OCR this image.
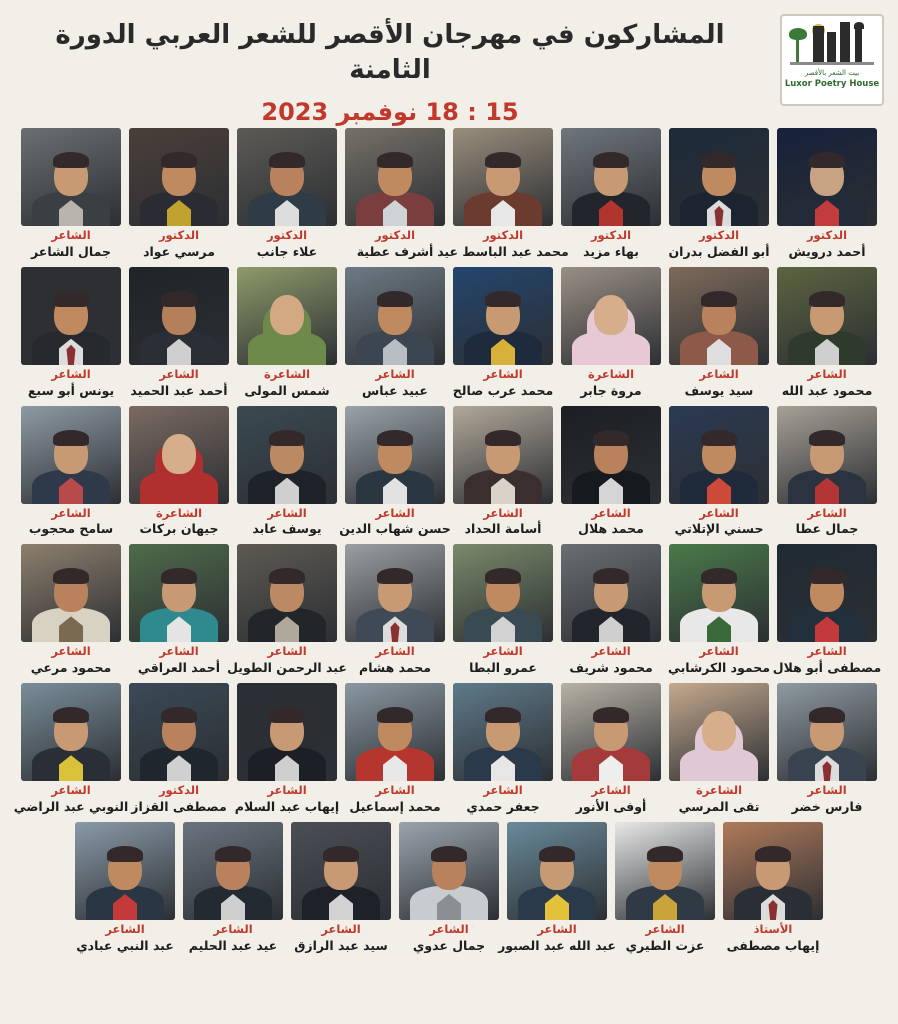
بيت الشعر بالأقصر
Luxor Poetry House
المشاركون في مهرجان الأقصر للشعر العربي الدورة الثامنة
15 : 18 نوفمبر 2023
الشاعر
جمال الشاعر
الدكتور
مرسي عواد
الدكتور
علاء جانب
الدكتور
أشرف عطية
الدكتور
محمد عبد الباسط عيد
الدكتور
بهاء مزيد
الدكتور
أبو الفضل بدران
الدكتور
أحمد درويش
الشاعر
يونس أبو سبع
الشاعر
أحمد عبد الحميد
الشاعرة
شمس المولى
الشاعر
عبيد عباس
الشاعر
محمد عرب صالح
الشاعرة
مروة جابر
الشاعر
سيد يوسف
الشاعر
محمود عبد الله
الشاعر
سامح محجوب
الشاعرة
جيهان بركات
الشاعر
يوسف عابد
الشاعر
حسن شهاب الدين
الشاعر
أسامة الحداد
الشاعر
محمد هلال
الشاعر
حسني الإتلاتي
الشاعر
جمال عطا
الشاعر
محمود مرعي
الشاعر
أحمد العراقي
الشاعر
عبد الرحمن الطويل
الشاعر
محمد هشام
الشاعر
عمرو البطا
الشاعر
محمود شريف
الشاعر
محمود الكرشابي
الشاعر
مصطفى أبو هلال
الشاعر
النوبي عبد الراضي
الدكتور
مصطفى القزاز
الشاعر
إيهاب عبد السلام
الشاعر
محمد إسماعيل
الشاعر
جعفر حمدي
الشاعر
أوفى الأنور
الشاعرة
تقى المرسي
الشاعر
فارس خضر
الشاعر
عبد النبي عبادي
الشاعر
عيد عبد الحليم
الشاعر
سيد عبد الرازق
الشاعر
جمال عدوي
الشاعر
عبد الله عبد الصبور
الشاعر
عزت الطيري
الأستاذ
إيهاب مصطفى
